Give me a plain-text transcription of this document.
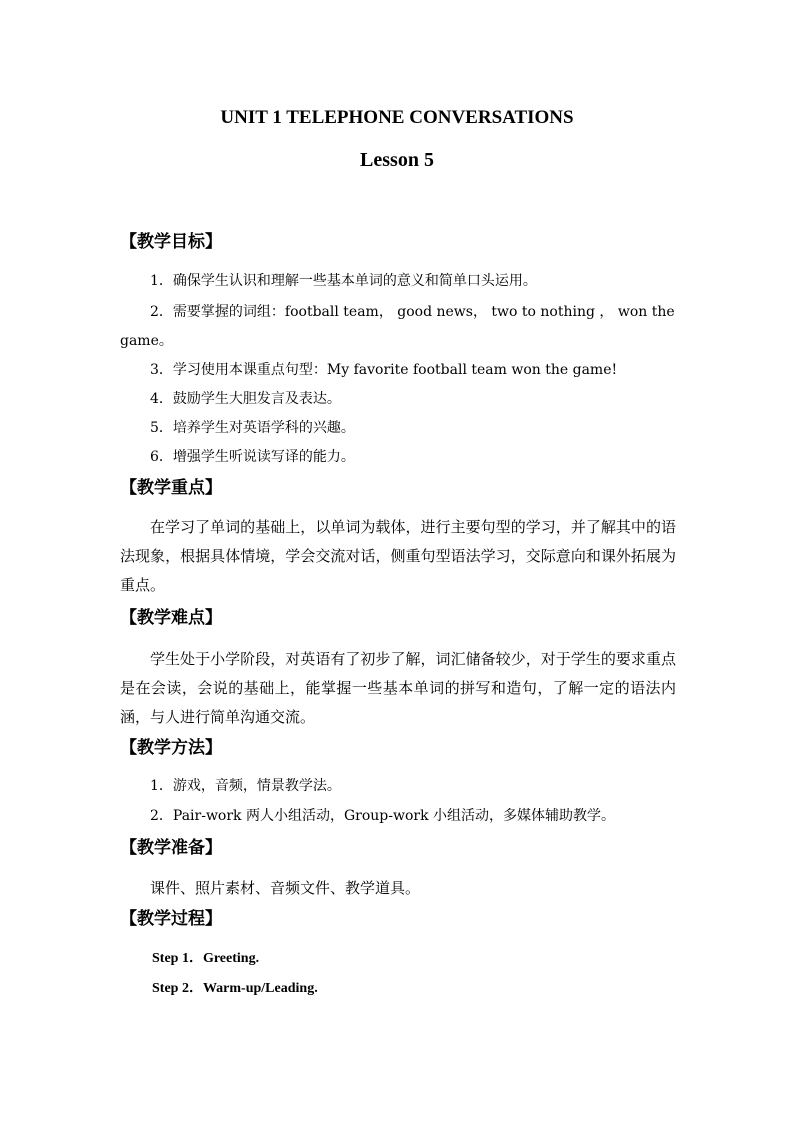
UNIT 1 TELEPHONE CONVERSATIONS
Lesson 5
【教学目标】
1．确保学生认识和理解一些基本单词的意义和简单口头运用。
2．需要掌握的词组：football team， good news， two to nothing ， won the
game。
3．学习使用本课重点句型：My favorite football team won the game!
4．鼓励学生大胆发言及表达。
5．培养学生对英语学科的兴趣。
6．增强学生听说读写译的能力。
【教学重点】
在学习了单词的基础上，以单词为载体，进行主要句型的学习，并了解其中的语法现象，根据具体情境，学会交流对话，侧重句型语法学习，交际意向和课外拓展为重点。
【教学难点】
学生处于小学阶段，对英语有了初步了解，词汇储备较少，对于学生的要求重点是在会读，会说的基础上，能掌握一些基本单词的拼写和造句，了解一定的语法内涵，与人进行简单沟通交流。
【教学方法】
1．游戏，音频，情景教学法。
2．Pair-work 两人小组活动，Group-work 小组活动，多媒体辅助教学。
【教学准备】
课件、照片素材、音频文件、教学道具。
【教学过程】
Step 1．Greeting.
Step 2．Warm-up/Leading.
